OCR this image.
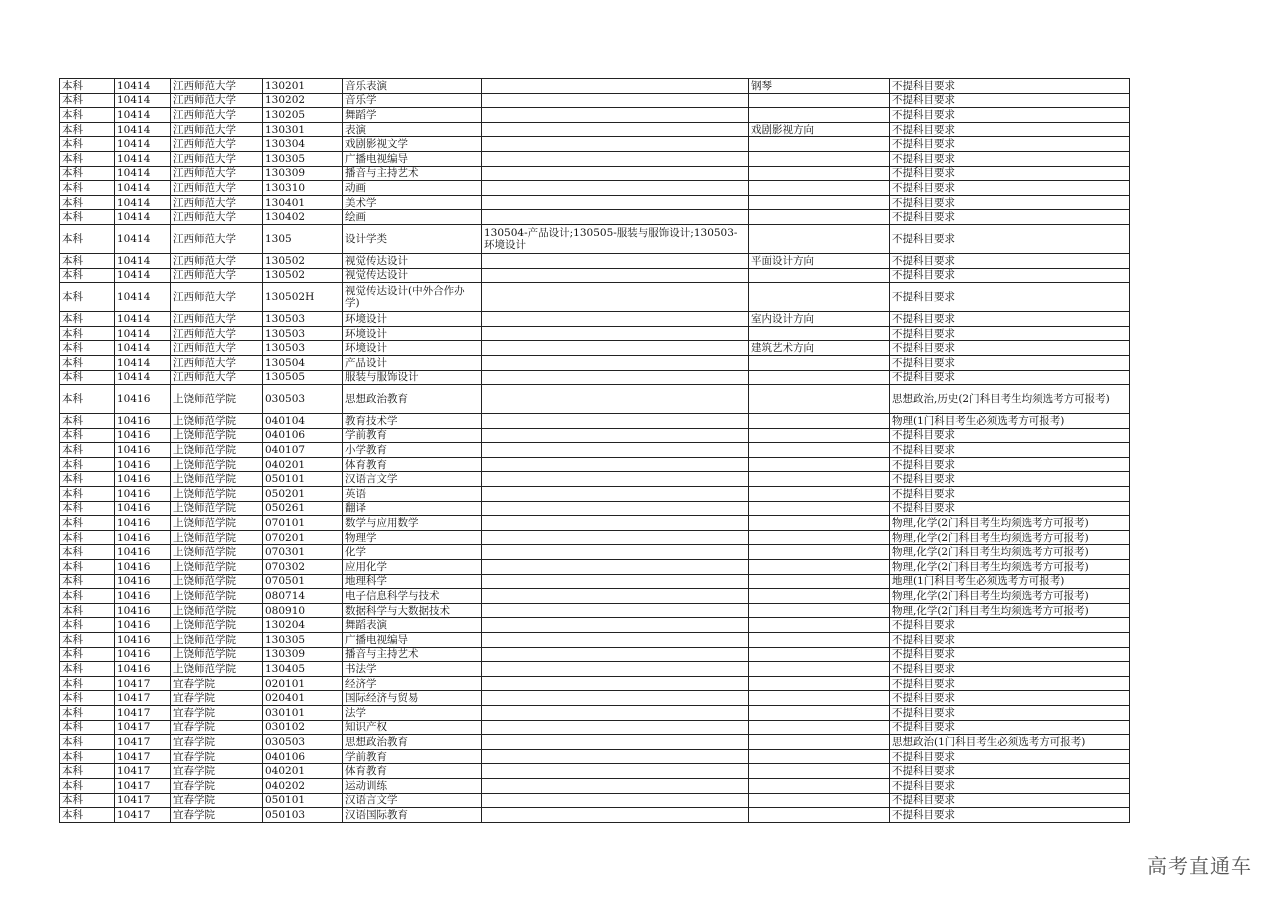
本科	10414	江西师范大学	130201	音乐表演		钢琴	不提科目要求
本科	10414	江西师范大学	130202	音乐学			不提科目要求
本科	10414	江西师范大学	130205	舞蹈学			不提科目要求
本科	10414	江西师范大学	130301	表演		戏剧影视方向	不提科目要求
本科	10414	江西师范大学	130304	戏剧影视文学			不提科目要求
本科	10414	江西师范大学	130305	广播电视编导			不提科目要求
本科	10414	江西师范大学	130309	播音与主持艺术			不提科目要求
本科	10414	江西师范大学	130310	动画			不提科目要求
本科	10414	江西师范大学	130401	美术学			不提科目要求
本科	10414	江西师范大学	130402	绘画			不提科目要求
本科	10414	江西师范大学	1305	设计学类	130504-产品设计;130505-服装与服饰设计;130503-环境设计		不提科目要求
本科	10414	江西师范大学	130502	视觉传达设计		平面设计方向	不提科目要求
本科	10414	江西师范大学	130502	视觉传达设计			不提科目要求
本科	10414	江西师范大学	130502H	视觉传达设计(中外合作办学)			不提科目要求
本科	10414	江西师范大学	130503	环境设计		室内设计方向	不提科目要求
本科	10414	江西师范大学	130503	环境设计			不提科目要求
本科	10414	江西师范大学	130503	环境设计		建筑艺术方向	不提科目要求
本科	10414	江西师范大学	130504	产品设计			不提科目要求
本科	10414	江西师范大学	130505	服装与服饰设计			不提科目要求
本科	10416	上饶师范学院	030503	思想政治教育			思想政治,历史(2门科目考生均须选考方可报考)
本科	10416	上饶师范学院	040104	教育技术学			物理(1门科目考生必须选考方可报考)
本科	10416	上饶师范学院	040106	学前教育			不提科目要求
本科	10416	上饶师范学院	040107	小学教育			不提科目要求
本科	10416	上饶师范学院	040201	体育教育			不提科目要求
本科	10416	上饶师范学院	050101	汉语言文学			不提科目要求
本科	10416	上饶师范学院	050201	英语			不提科目要求
本科	10416	上饶师范学院	050261	翻译			不提科目要求
本科	10416	上饶师范学院	070101	数学与应用数学			物理,化学(2门科目考生均须选考方可报考)
本科	10416	上饶师范学院	070201	物理学			物理,化学(2门科目考生均须选考方可报考)
本科	10416	上饶师范学院	070301	化学			物理,化学(2门科目考生均须选考方可报考)
本科	10416	上饶师范学院	070302	应用化学			物理,化学(2门科目考生均须选考方可报考)
本科	10416	上饶师范学院	070501	地理科学			地理(1门科目考生必须选考方可报考)
本科	10416	上饶师范学院	080714	电子信息科学与技术			物理,化学(2门科目考生均须选考方可报考)
本科	10416	上饶师范学院	080910	数据科学与大数据技术			物理,化学(2门科目考生均须选考方可报考)
本科	10416	上饶师范学院	130204	舞蹈表演			不提科目要求
本科	10416	上饶师范学院	130305	广播电视编导			不提科目要求
本科	10416	上饶师范学院	130309	播音与主持艺术			不提科目要求
本科	10416	上饶师范学院	130405	书法学			不提科目要求
本科	10417	宜春学院	020101	经济学			不提科目要求
本科	10417	宜春学院	020401	国际经济与贸易			不提科目要求
本科	10417	宜春学院	030101	法学			不提科目要求
本科	10417	宜春学院	030102	知识产权			不提科目要求
本科	10417	宜春学院	030503	思想政治教育			思想政治(1门科目考生必须选考方可报考)
本科	10417	宜春学院	040106	学前教育			不提科目要求
本科	10417	宜春学院	040201	体育教育			不提科目要求
本科	10417	宜春学院	040202	运动训练			不提科目要求
本科	10417	宜春学院	050101	汉语言文学			不提科目要求
本科	10417	宜春学院	050103	汉语国际教育			不提科目要求
高考直通车
